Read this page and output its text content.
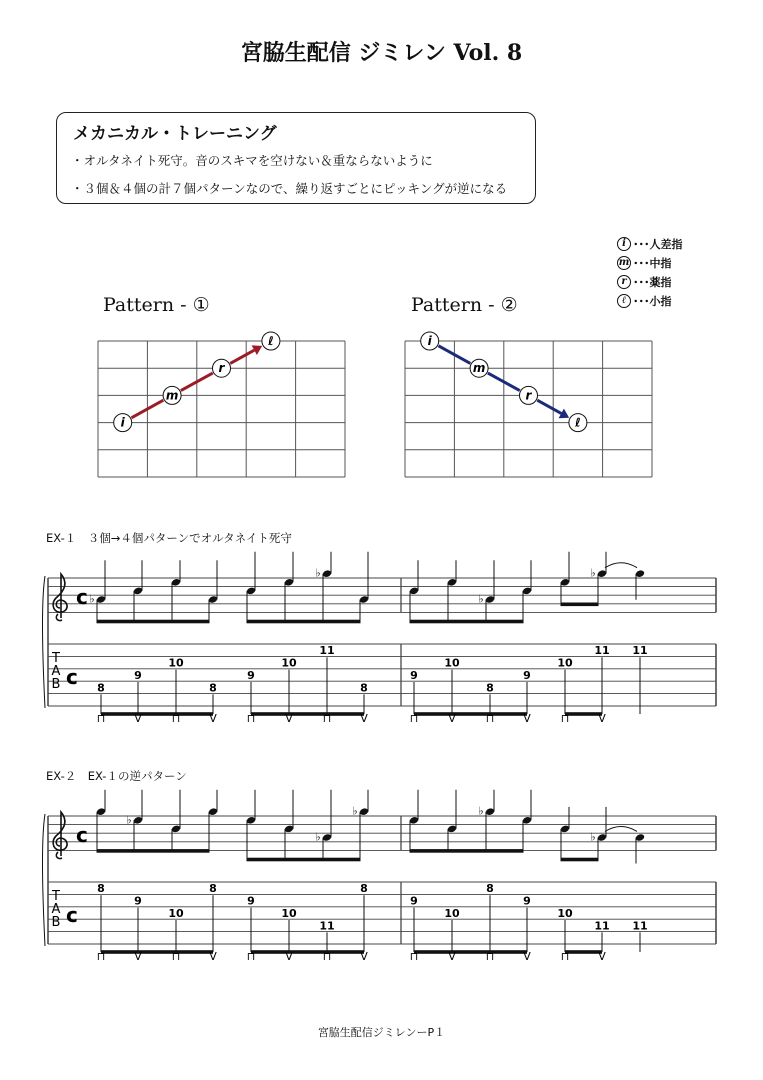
宮脇生配信 ジミレン Vol. 8
メカニカル・トレーニング
・オルタネイト死守。音のスキマを空けない＆重ならないように
・３個＆４個の計７個パターンなので、繰り返すごとにピッキングが逆になる
i ･･･人差指
m ･･･中指
r ･･･薬指
ℓ ･･･小指
Pattern - ①	Pattern - ②
i
m
r
ℓ	i
m
r
ℓ
EX-１　３個→４個パターンでオルタネイト死守
EX-２　EX-１の逆パターン
c
c
T
A
B
♭
♭
♭
♭
8
9
10
8
9
10
11
8
9
10
8
9
10
11 11
⊓	V	⊓	V	⊓	V	⊓	V	⊓	V	⊓	V	⊓	V
c
c
T
A
B
♭
♭
♭	♭
♭
8
9
10
8
9
10
11
8
9
10
8
9
10
11 11
⊓	V	⊓	V	⊓	V	⊓	V	⊓	V	⊓	V	⊓	V
宮脇生配信ジミレンーP１
